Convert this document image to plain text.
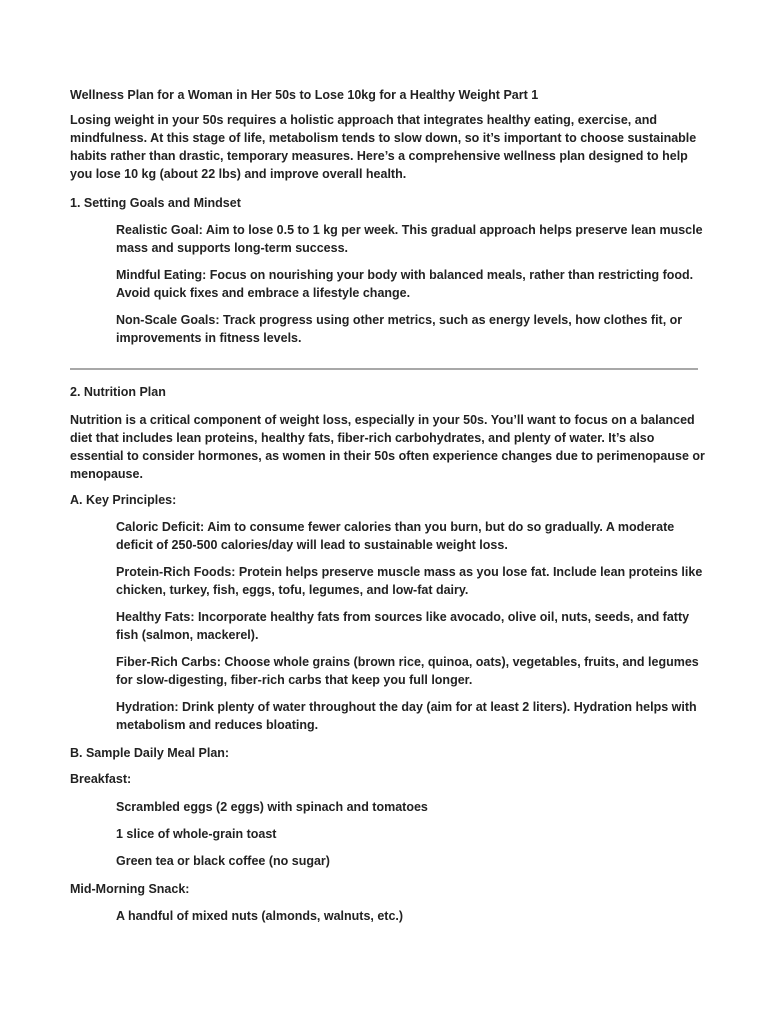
Wellness Plan for a Woman in Her 50s to Lose 10kg for a Healthy Weight Part 1
Losing weight in your 50s requires a holistic approach that integrates healthy eating, exercise, and
mindfulness. At this stage of life, metabolism tends to slow down, so it’s important to choose sustainable
habits rather than drastic, temporary measures. Here’s a comprehensive wellness plan designed to help
you lose 10 kg (about 22 lbs) and improve overall health.
1. Setting Goals and Mindset
Realistic Goal: Aim to lose 0.5 to 1 kg per week. This gradual approach helps preserve lean muscle
mass and supports long-term success.
Mindful Eating: Focus on nourishing your body with balanced meals, rather than restricting food.
Avoid quick fixes and embrace a lifestyle change.
Non-Scale Goals: Track progress using other metrics, such as energy levels, how clothes fit, or
improvements in fitness levels.
2. Nutrition Plan
Nutrition is a critical component of weight loss, especially in your 50s. You’ll want to focus on a balanced
diet that includes lean proteins, healthy fats, fiber-rich carbohydrates, and plenty of water. It’s also
essential to consider hormones, as women in their 50s often experience changes due to perimenopause or
menopause.
A. Key Principles:
Caloric Deficit: Aim to consume fewer calories than you burn, but do so gradually. A moderate
deficit of 250-500 calories/day will lead to sustainable weight loss.
Protein-Rich Foods: Protein helps preserve muscle mass as you lose fat. Include lean proteins like
chicken, turkey, fish, eggs, tofu, legumes, and low-fat dairy.
Healthy Fats: Incorporate healthy fats from sources like avocado, olive oil, nuts, seeds, and fatty
fish (salmon, mackerel).
Fiber-Rich Carbs: Choose whole grains (brown rice, quinoa, oats), vegetables, fruits, and legumes
for slow-digesting, fiber-rich carbs that keep you full longer.
Hydration: Drink plenty of water throughout the day (aim for at least 2 liters). Hydration helps with
metabolism and reduces bloating.
B. Sample Daily Meal Plan:
Breakfast:
Scrambled eggs (2 eggs) with spinach and tomatoes
1 slice of whole-grain toast
Green tea or black coffee (no sugar)
Mid-Morning Snack:
A handful of mixed nuts (almonds, walnuts, etc.)
